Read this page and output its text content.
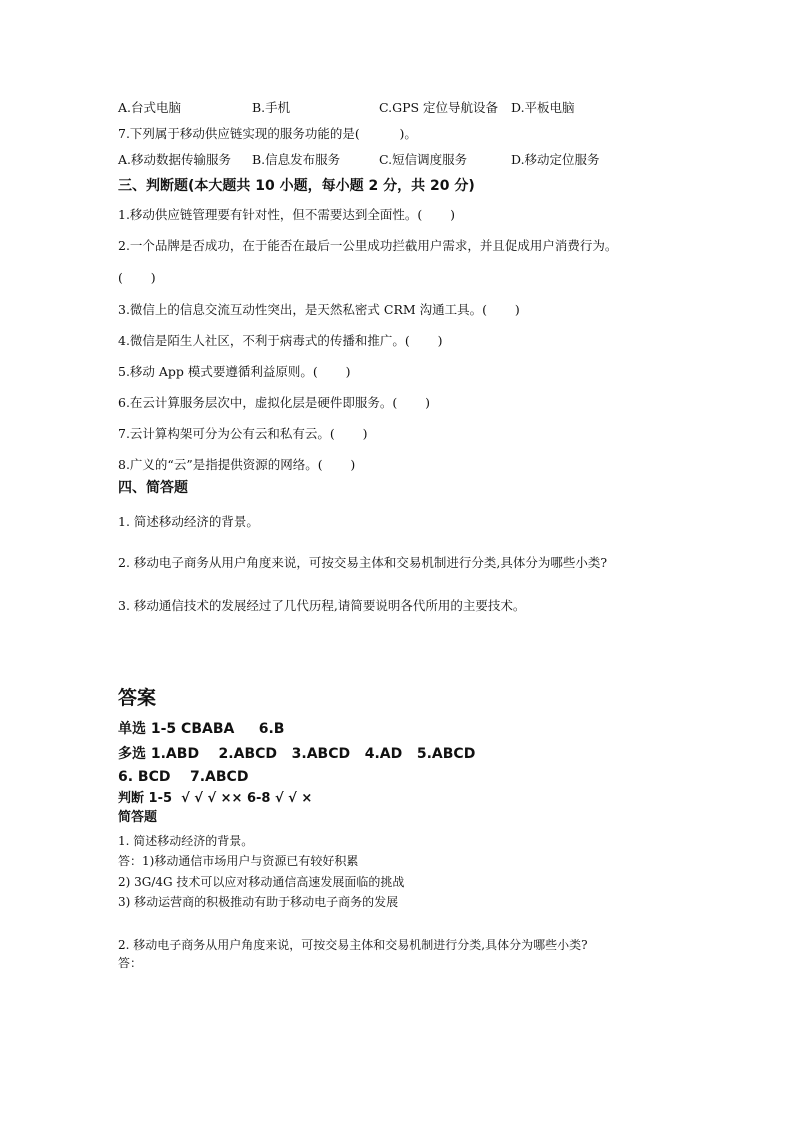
A.台式电脑	B.手机	C.GPS 定位导航设备 D.平板电脑
7.下列属于移动供应链实现的服务功能的是(          )。
A.移动数据传输服务 B.信息发布服务	C.短信调度服务	D.移动定位服务
三、判断题(本大题共 10 小题，每小题 2 分，共 20 分)
1.移动供应链管理要有针对性，但不需要达到全面性。(       )
2.一个品牌是否成功，在于能否在最后一公里成功拦截用户需求，并且促成用户消费行为。
(       )
3.微信上的信息交流互动性突出，是天然私密式 CRM 沟通工具。(       )
4.微信是陌生人社区，不利于病毒式的传播和推广。(       )
5.移动 App 模式要遵循利益原则。(       )
6.在云计算服务层次中，虚拟化层是硬件即服务。(       )
7.云计算构架可分为公有云和私有云。(       )
8.广义的“云”是指提供资源的网络。(       )
四、简答题
1. 简述移动经济的背景。
2. 移动电子商务从用户角度来说，可按交易主体和交易机制进行分类,具体分为哪些小类?
3. 移动通信技术的发展经过了几代历程,请简要说明各代所用的主要技术。
答案
单选 1-5 CBABA     6.B
多选 1.ABD    2.ABCD   3.ABCD   4.AD   5.ABCD
6. BCD    7.ABCD
判断 1-5  √ √ √ ×× 6-8 √ √ ×
简答题
1. 简述移动经济的背景。
答：1)移动通信市场用户与资源已有较好积累
2) 3G/4G 技术可以应对移动通信高速发展面临的挑战
3) 移动运营商的积极推动有助于移动电子商务的发展
2. 移动电子商务从用户角度来说，可按交易主体和交易机制进行分类,具体分为哪些小类?
答：
